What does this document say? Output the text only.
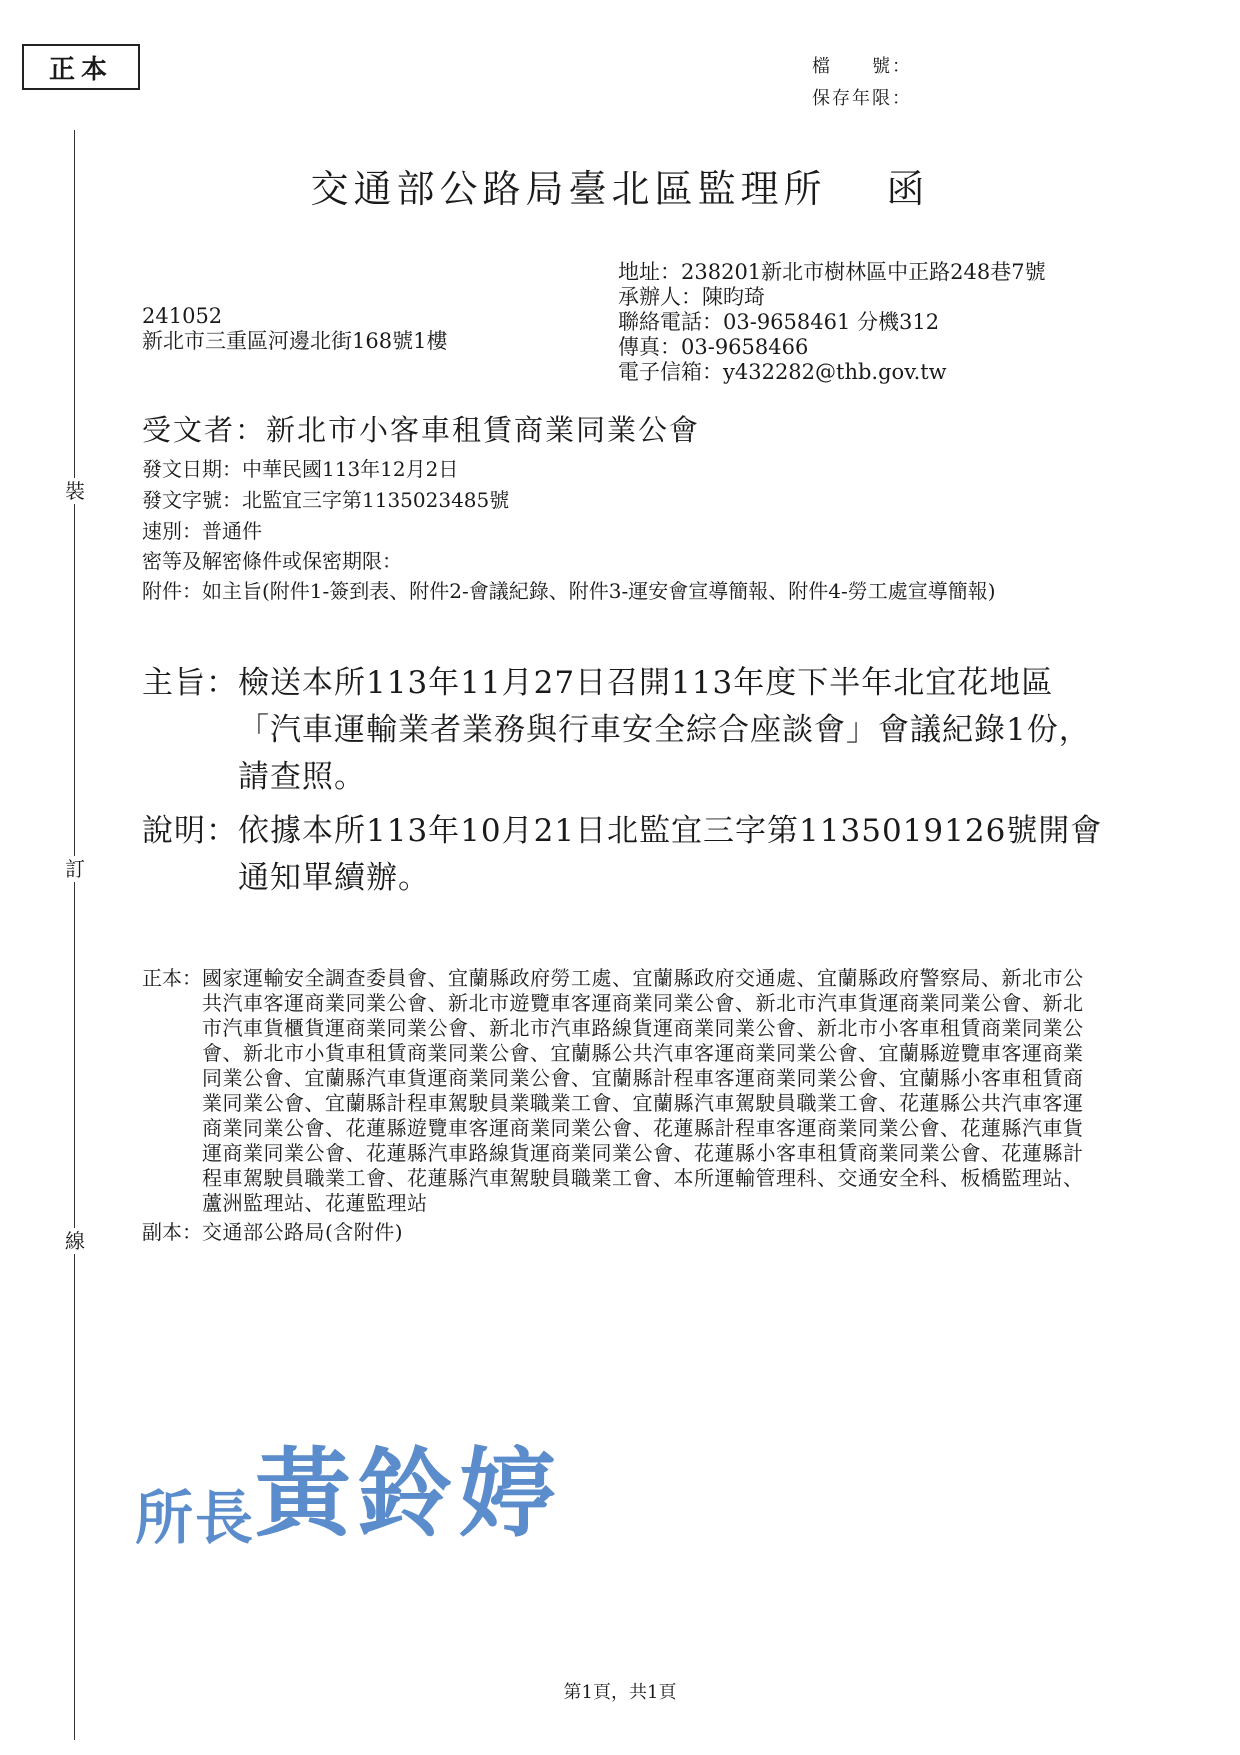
正本	檔　　號：
保存年限：
裝
訂
線
交通部公路局臺北區監理所　 函
地址：238201新北市樹林區中正路248巷7號
承辦人：陳昀琦
聯絡電話：03-9658461 分機312
傳真：03-9658466
電子信箱：y432282@thb.gov.tw
241052
新北市三重區河邊北街168號1樓
受文者：新北市小客車租賃商業同業公會
發文日期：中華民國113年12月2日
發文字號：北監宜三字第1135023485號
速別：普通件
密等及解密條件或保密期限：
附件： 如主旨(附件1-簽到表、附件2-會議紀錄、附件3-運安會宣導簡報、附件4-勞工處宣導簡報)
主旨： 檢送本所113年11月27日召開113年度下半年北宜花地區「汽車運輸業者業務與行車安全綜合座談會」會議紀錄1份，請查照。
說明： 依據本所113年10月21日北監宜三字第1135019126號開會通知單續辦。
正本： 國家運輸安全調查委員會、宜蘭縣政府勞工處、宜蘭縣政府交通處、宜蘭縣政府警察局、新北市公共汽車客運商業同業公會、新北市遊覽車客運商業同業公會、新北市汽車貨運商業同業公會、新北市汽車貨櫃貨運商業同業公會、新北市汽車路線貨運商業同業公會、新北市小客車租賃商業同業公會、新北市小貨車租賃商業同業公會、宜蘭縣公共汽車客運商業同業公會、宜蘭縣遊覽車客運商業同業公會、宜蘭縣汽車貨運商業同業公會、宜蘭縣計程車客運商業同業公會、宜蘭縣小客車租賃商業同業公會、宜蘭縣計程車駕駛員業職業工會、宜蘭縣汽車駕駛員職業工會、花蓮縣公共汽車客運商業同業公會、花蓮縣遊覽車客運商業同業公會、花蓮縣計程車客運商業同業公會、花蓮縣汽車貨運商業同業公會、花蓮縣汽車路線貨運商業同業公會、花蓮縣小客車租賃商業同業公會、花蓮縣計程車駕駛員職業工會、花蓮縣汽車駕駛員職業工會、本所運輸管理科、交通安全科、板橋監理站、蘆洲監理站、花蓮監理站
副本： 交通部公路局(含附件)
所長黃鈴婷
第1頁，共1頁
